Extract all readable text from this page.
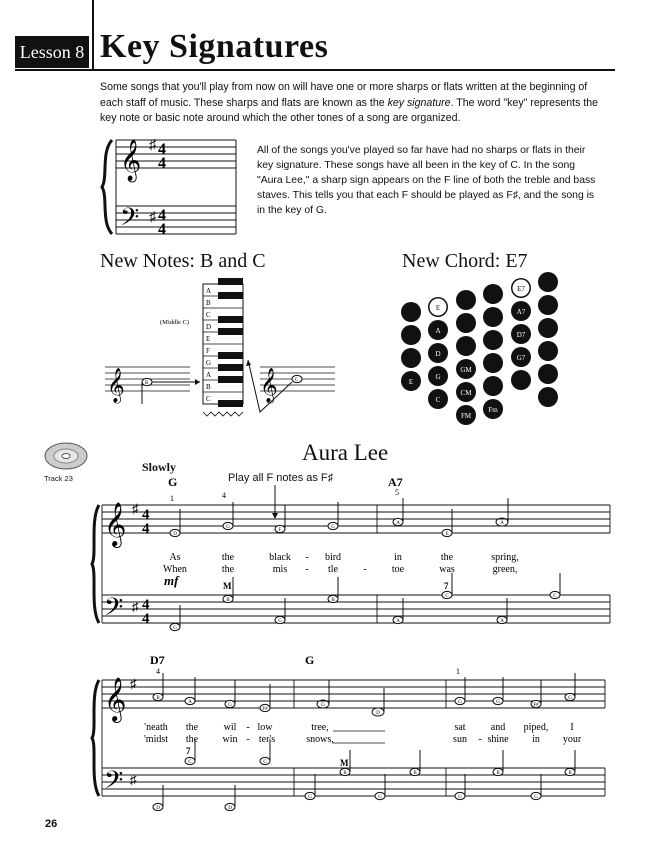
Lesson 8 Key Signatures
Some songs that you'll play from now on will have one or more sharps or flats written at the beginning of each staff of music. These sharps and flats are known as the key signature. The word "key" represents the key note or basic note around which the other tones of a song are organized.
𝄞
𝄢
♯
♯
4
4
4
4
All of the songs you've played so far have had no sharps or flats in their key signature. These songs have all been in the key of C. In the song "Aura Lee," a sharp sign appears on the F line of both the treble and bass staves. This tells you that each F should be played as F♯, and the song is in the key of G.
New Notes: B and C
A
B
C
D
E
F
G
A
B
C
(Middle C)
𝄞	𝄞
B
C
New Chord: E7
E7
E	A7
A	D7
D	G7
G
GM
C
CM
E
F
FM
Fm
Track 23
Aura Lee
Slowly
Play all F notes as F♯
G	A7
1	4	5
𝄞
𝄢
♯
♯
4
4
4
4
D
G
F
G
A
E
A
As	the	black - bird	in	the	spring,
When	the	mis - tle	-	toe	was	green,
mf	M	7
G
B
G
B
A
C
A
C
D7	G
4	1
𝄞
𝄢
♯
♯
B
A
G
F#
G
D
G	G
F#
G
'neath the	wil - low	tree,	sat	and piped, I
'midst the win - ter's	snows,	sun - shine in your
7
M
D
C
D
C
G
B
G
B
G
B
G
B
26
